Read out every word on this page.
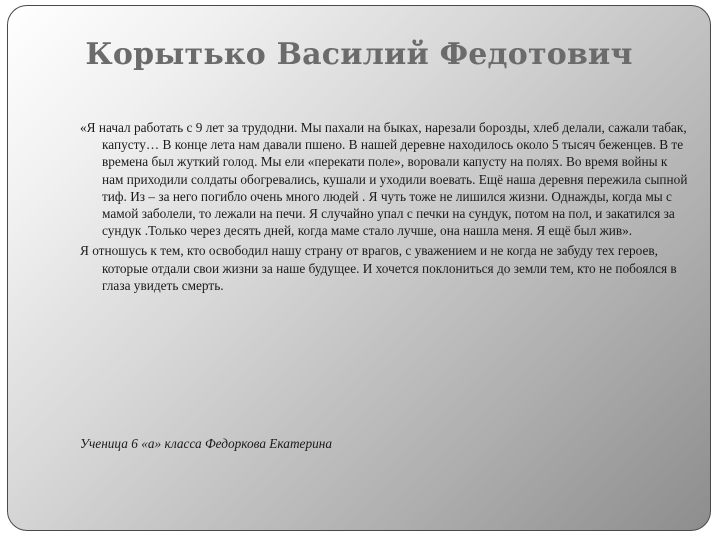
Корытько Василий Федотович

«Я начал работать с 9 лет за трудодни. Мы пахали на быках, нарезали борозды, хлеб делали, сажали табак, капусту… В конце лета нам давали пшено. В нашей деревне находилось около 5 тысяч беженцев. В те времена был жуткий голод. Мы ели «перекати поле», воровали капусту на полях. Во время войны к нам приходили солдаты обогревались, кушали и уходили воевать. Ещё наша деревня пережила сыпной тиф. Из – за него погибло очень много людей . Я чуть тоже не лишился жизни. Однажды, когда мы с мамой заболели, то лежали на печи. Я случайно упал с печки на сундук, потом на пол, и закатился за сундук .Только через десять дней, когда маме стало лучше, она нашла меня. Я ещё был жив».

Я отношусь к тем, кто освободил нашу страну от врагов, с уважением и не когда не забуду тех героев, которые отдали свои жизни за наше будущее. И хочется поклониться до земли тем, кто не побоялся в глаза увидеть смерть.

Ученица 6 «а» класса Федоркова Екатерина
